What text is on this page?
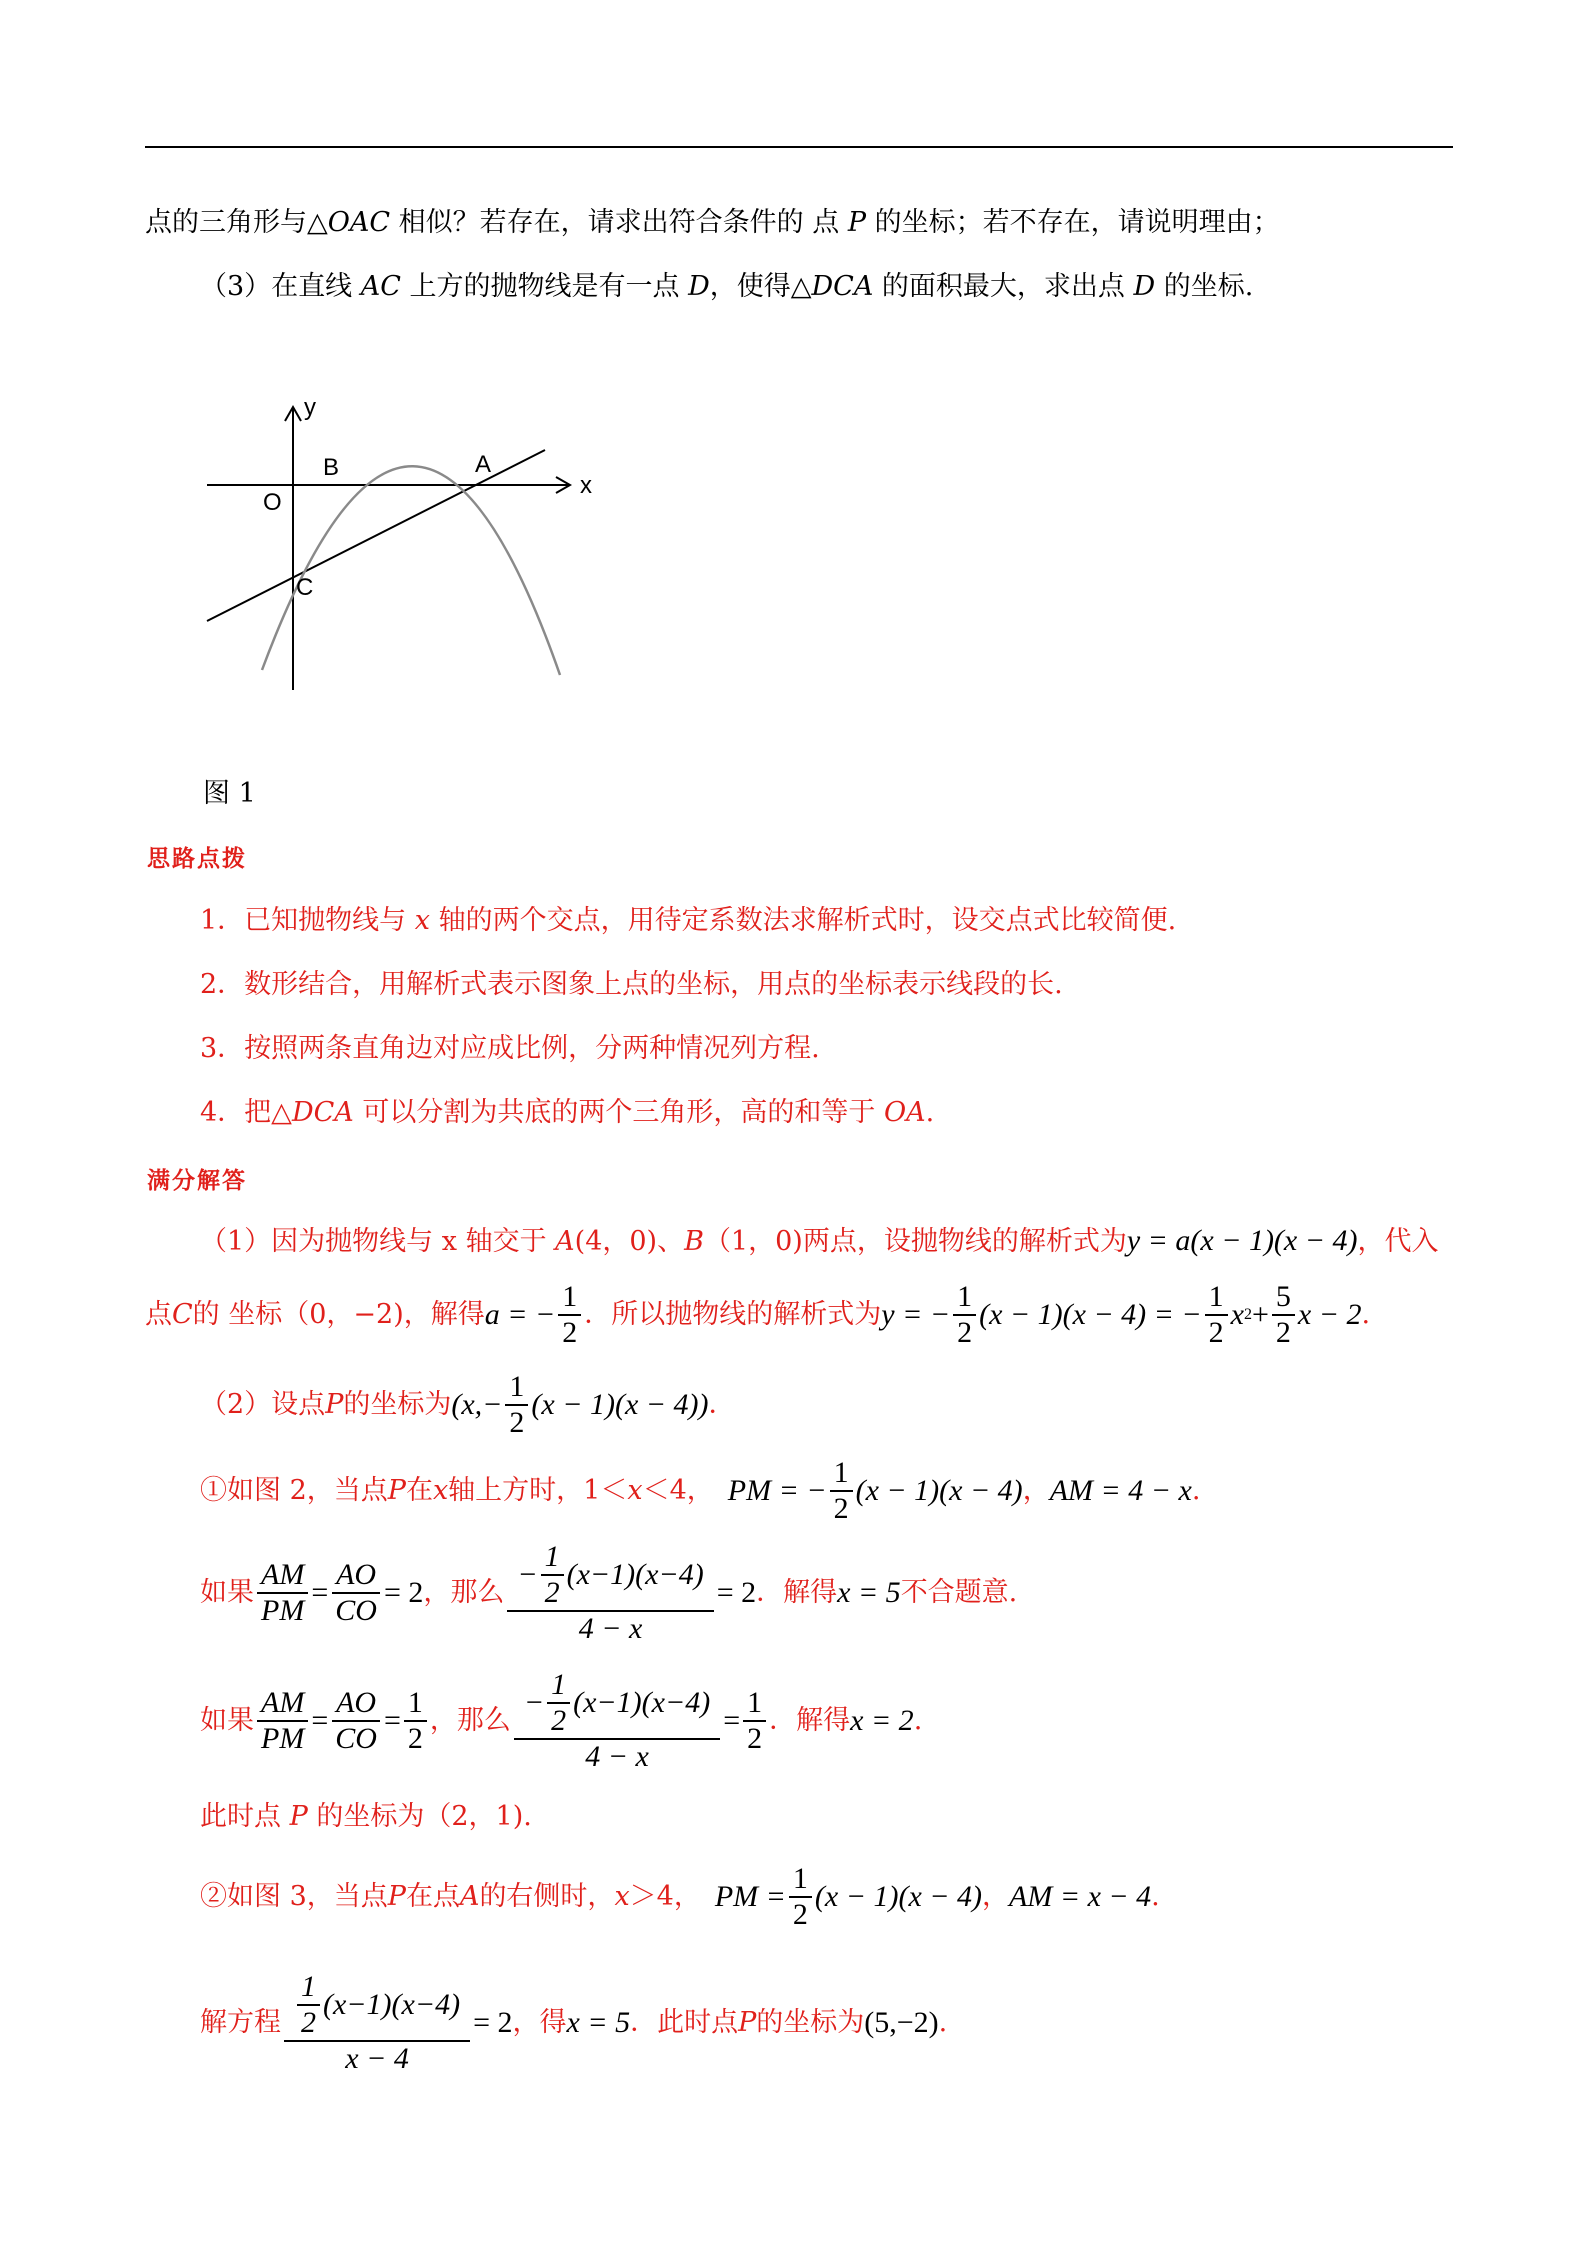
点的三角形与△OAC 相似？若存在，请求出符合条件的 点 P 的坐标；若不存在，请说明理由；
（3）在直线 AC 上方的抛物线是有一点 D，使得△DCA 的面积最大，求出点 D 的坐标.
x
y
O
B	A
C
图 1
思路点拨
1．已知抛物线与 x 轴的两个交点，用待定系数法求解析式时，设交点式比较简便.
2．数形结合，用解析式表示图象上点的坐标，用点的坐标表示线段的长.
3．按照两条直角边对应成比例，分两种情况列方程.
4．把△DCA 可以分割为共底的两个三角形，高的和等于 OA.
满分解答
（1）因为抛物线与 x 轴交于 A(4，0)、B（1，0)两点，设抛物线的解析式为y = a(x − 1)(x − 4)，代入
点 C 的 坐标（0，−2)，解得 a = − $\frac{1}{2}$ ．所以抛物线的解析式为 y = − $\frac{1}{2} (x - 1)(x - 4)$ = − $\frac{1}{2}$ x $2 + \frac{5}{2}$ x − 2 .
（2）设点 P 的坐标为 $(x,- \frac{1}{2} (x - 1)(x - 4))$ ．
①如图 2，当点 P 在 x 轴上方时，1＜ x ＜4， PM = − $\frac{1}{2} (x - 1)(x - 4)$ ， AM = 4 − x .
如果 $\frac{AM}{PM} = \frac{AO}{CO} = 2$ ，那么 $\frac{- \frac{1}{2} (x-1)(x-4)}{4 - x} = 2$ ．解得 x = 5 不合题意.
如果 $\frac{AM}{PM} = \frac{AO}{CO} = \frac{1}{2}$ ，那么 $\frac{- \frac{1}{2} (x-1)(x-4)}{4 - x} = \frac{1}{2}$ ．解得 x = 2 .
此时点 P 的坐标为（2，1).
②如图 3，当点 P 在点 A 的右侧时， x ＞4， PM = $\frac{1}{2} (x - 1)(x - 4)$ ， AM = x − 4 .
解方程 $\frac{\frac{1}{2} (x-1)(x-4)}{x - 4} = 2$ ，得 x = 5 ．此时点 P 的坐标为 (5,−2) .
